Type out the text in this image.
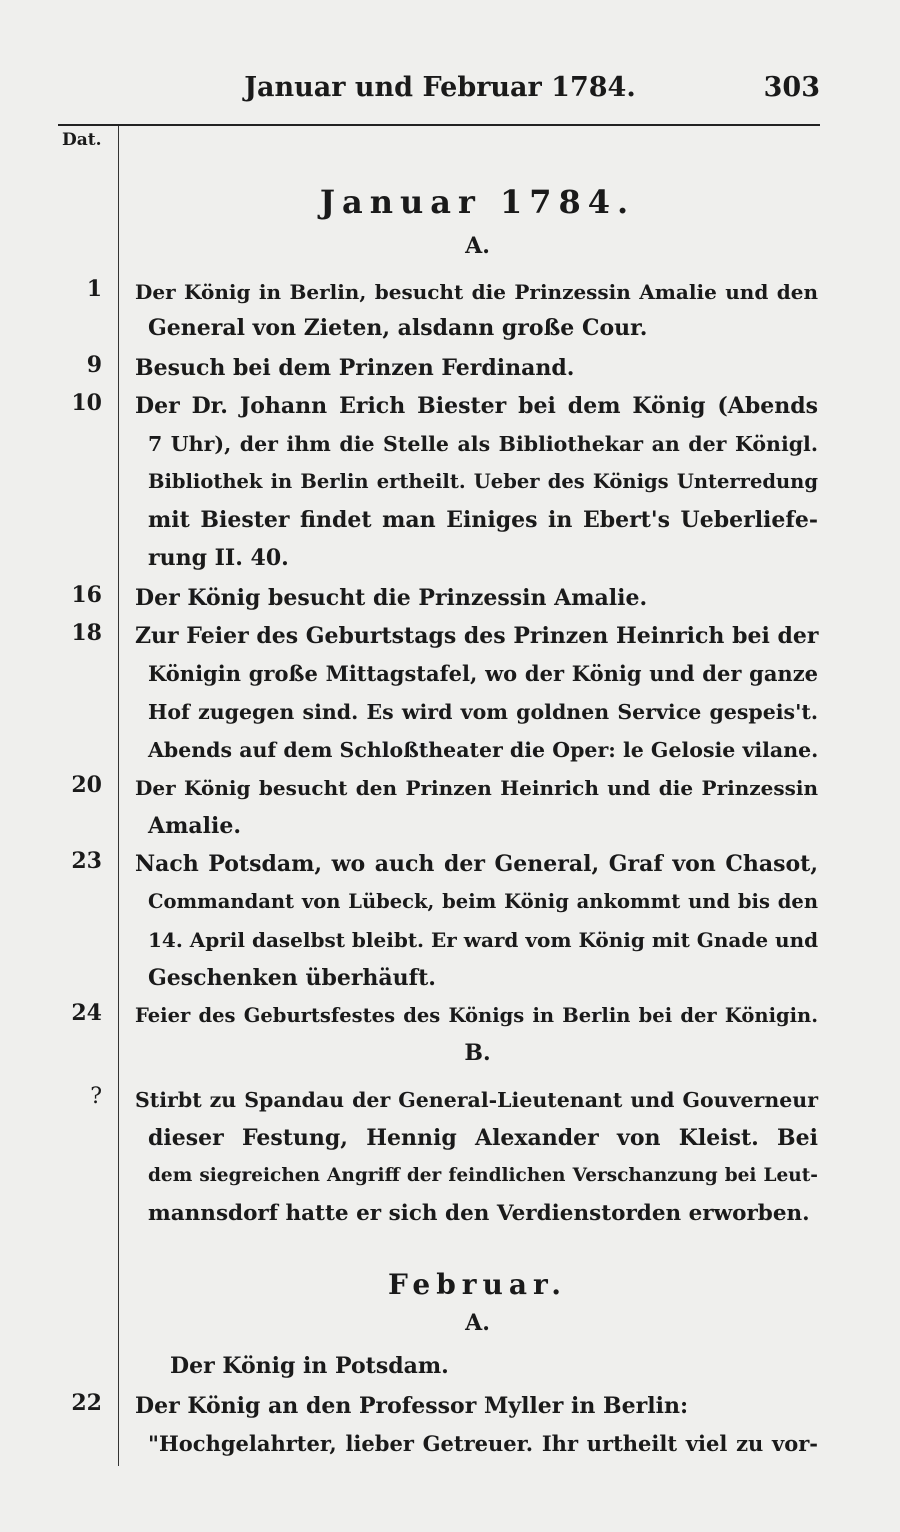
Januar und Februar 1784.	303
Dat.
Januar 1784.
A.
1 Der König in Berlin, besucht die Prinzessin Amalie und den
General von Zieten, alsdann große Cour.
9 Besuch bei dem Prinzen Ferdinand.
10 Der Dr. Johann Erich Biester bei dem König (Abends
7 Uhr), der ihm die Stelle als Bibliothekar an der Königl.
Bibliothek in Berlin ertheilt. Ueber des Königs Unterredung
mit Biester findet man Einiges in Ebert's Ueberliefe-
rung II. 40.
16 Der König besucht die Prinzessin Amalie.
18 Zur Feier des Geburtstags des Prinzen Heinrich bei der
Königin große Mittagstafel, wo der König und der ganze
Hof zugegen sind. Es wird vom goldnen Service gespeis't.
Abends auf dem Schloßtheater die Oper: le Gelosie vilane.
20 Der König besucht den Prinzen Heinrich und die Prinzessin
Amalie.
23 Nach Potsdam, wo auch der General, Graf von Chasot,
Commandant von Lübeck, beim König ankommt und bis den
14. April daselbst bleibt. Er ward vom König mit Gnade und
Geschenken überhäuft.
24 Feier des Geburtsfestes des Königs in Berlin bei der Königin.
B.
? Stirbt zu Spandau der General-Lieutenant und Gouverneur
dieser Festung, Hennig Alexander von Kleist. Bei
dem siegreichen Angriff der feindlichen Verschanzung bei Leut-
mannsdorf hatte er sich den Verdienstorden erworben.
Februar.
A.
Der König in Potsdam.
22 Der König an den Professor Myller in Berlin:
"Hochgelahrter, lieber Getreuer. Ihr urtheilt viel zu vor-
